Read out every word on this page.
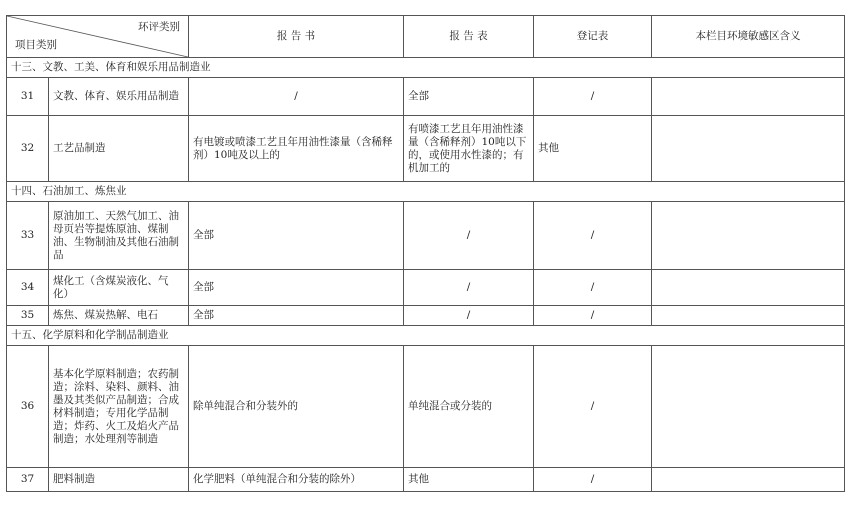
环评类别
项目类别		报 告 书	报 告 表	登记表	本栏目环境敏感区含义
十三、文教、工美、体育和娱乐用品制造业					
31	文教、体育、娱乐用品制造	/	全部	/	
32	工艺品制造	有电镀或喷漆工艺且年用油性漆量（含稀释剂）10吨及以上的	有喷漆工艺且年用油性漆量（含稀释剂）10吨以下的，或使用水性漆的；有机加工的	其他	
十四、石油加工、炼焦业					
33	原油加工、天然气加工、油母页岩等提炼原油、煤制油、生物制油及其他石油制品	全部	/	/	
34	煤化工（含煤炭液化、气化）	全部	/	/	
35	炼焦、煤炭热解、电石	全部	/	/	
十五、化学原料和化学制品制造业					
36	基本化学原料制造；农药制造；涂料、染料、颜料、油墨及其类似产品制造；合成材料制造；专用化学品制造；炸药、火工及焰火产品制造；水处理剂等制造	除单纯混合和分装外的	单纯混合或分装的	/	
37	肥料制造	化学肥料（单纯混合和分装的除外）	其他	/	
